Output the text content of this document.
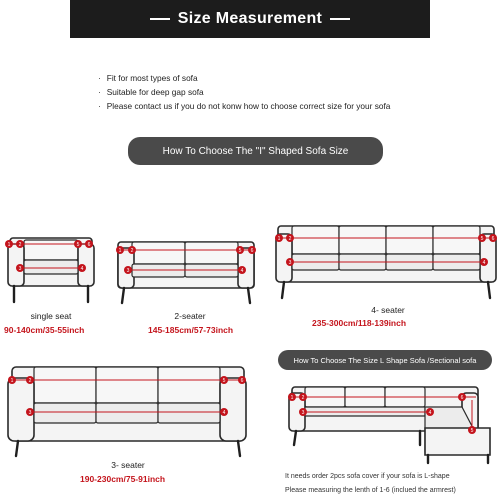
Size Measurement
· Fit for most types of sofa
· Suitable for deep gap sofa
· Please contact us if you do not konw how to choose correct size for your sofa
How To Choose The "I" Shaped Sofa Size
1 2
3	4
5 6
1 2
3	4
5 6
1 2
3	4
5 6
1	2
3	4
5	6
1 2
3	4
5
6
single seat
90-140cm/35-55inch
2-seater
145-185cm/57-73inch
4- seater
235-300cm/118-139inch
How To Choose The Size L Shape Sofa /Sectional sofa
3- seater
190-230cm/75-91inch	It needs order 2pcs sofa cover if your sofa is L-shape
Please measuring the lenth of 1-6 (inclued the armrest)
